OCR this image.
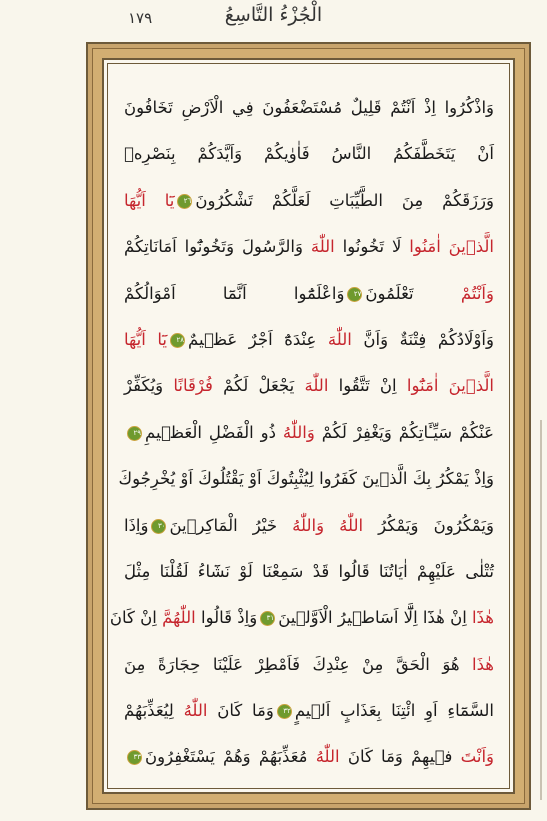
الْجُزْءُ التَّاسِعُ
١٧٩
وَاذْكُرُوا اِذْ اَنْتُمْ قَلِيلٌ مُسْتَضْعَفُونَ فِي الْاَرْضِ تَخَافُونَ
اَنْ يَتَخَطَّفَكُمُ النَّاسُ فَاٰوٰيكُمْ وَاَيَّدَكُمْ بِنَصْرِه۪
وَرَزَقَكُمْ مِنَ الطَّيِّبَاتِ لَعَلَّكُمْ تَشْكُرُونَ٢٦يَٓا اَيُّهَا
الَّذ۪ينَ اٰمَنُوا لَا تَخُونُوا اللّٰهَ وَالرَّسُولَ وَتَخُونُٓوا اَمَانَاتِكُمْ
وَاَنْتُمْ تَعْلَمُونَ٢٧وَاعْلَمُٓوا اَنَّمَٓا اَمْوَالُكُمْ
وَاَوْلَادُكُمْ فِتْنَةٌ وَاَنَّ اللّٰهَ عِنْدَهُٓ اَجْرٌ عَظ۪يمٌ٢٨يَٓا اَيُّهَا
الَّذ۪ينَ اٰمَنُٓوا اِنْ تَتَّقُوا اللّٰهَ يَجْعَلْ لَكُمْ فُرْقَانًا وَيُكَفِّرْ
عَنْكُمْ سَيِّـَٔاتِكُمْ وَيَغْفِرْ لَكُمْ وَاللّٰهُ ذُو الْفَضْلِ الْعَظ۪يمِ٢٩
وَاِذْ يَمْكُرُ بِكَ الَّذ۪ينَ كَفَرُوا لِيُثْبِتُوكَ اَوْ يَقْتُلُوكَ اَوْ يُخْرِجُوكَ
وَيَمْكُرُونَ وَيَمْكُرُ اللّٰهُ وَاللّٰهُ خَيْرُ الْمَاكِر۪ينَ٣٠وَاِذَا
تُتْلٰى عَلَيْهِمْ اٰيَاتُنَا قَالُوا قَدْ سَمِعْنَا لَوْ نَشَٓاءُ لَقُلْنَا مِثْلَ
هٰذَٓا اِنْ هٰذَٓا اِلَّٓا اَسَاط۪يرُ الْاَوَّل۪ينَ٣١وَاِذْ قَالُوا اللّٰهُمَّ اِنْ كَانَ
هٰذَا هُوَ الْحَقَّ مِنْ عِنْدِكَ فَاَمْطِرْ عَلَيْنَا حِجَارَةً مِنَ
السَّمَٓاءِ اَوِ ائْتِنَا بِعَذَابٍ اَل۪يمٍ٣٢وَمَا كَانَ اللّٰهُ لِيُعَذِّبَهُمْ
وَاَنْتَ ف۪يهِمْ وَمَا كَانَ اللّٰهُ مُعَذِّبَهُمْ وَهُمْ يَسْتَغْفِرُونَ٣٣
